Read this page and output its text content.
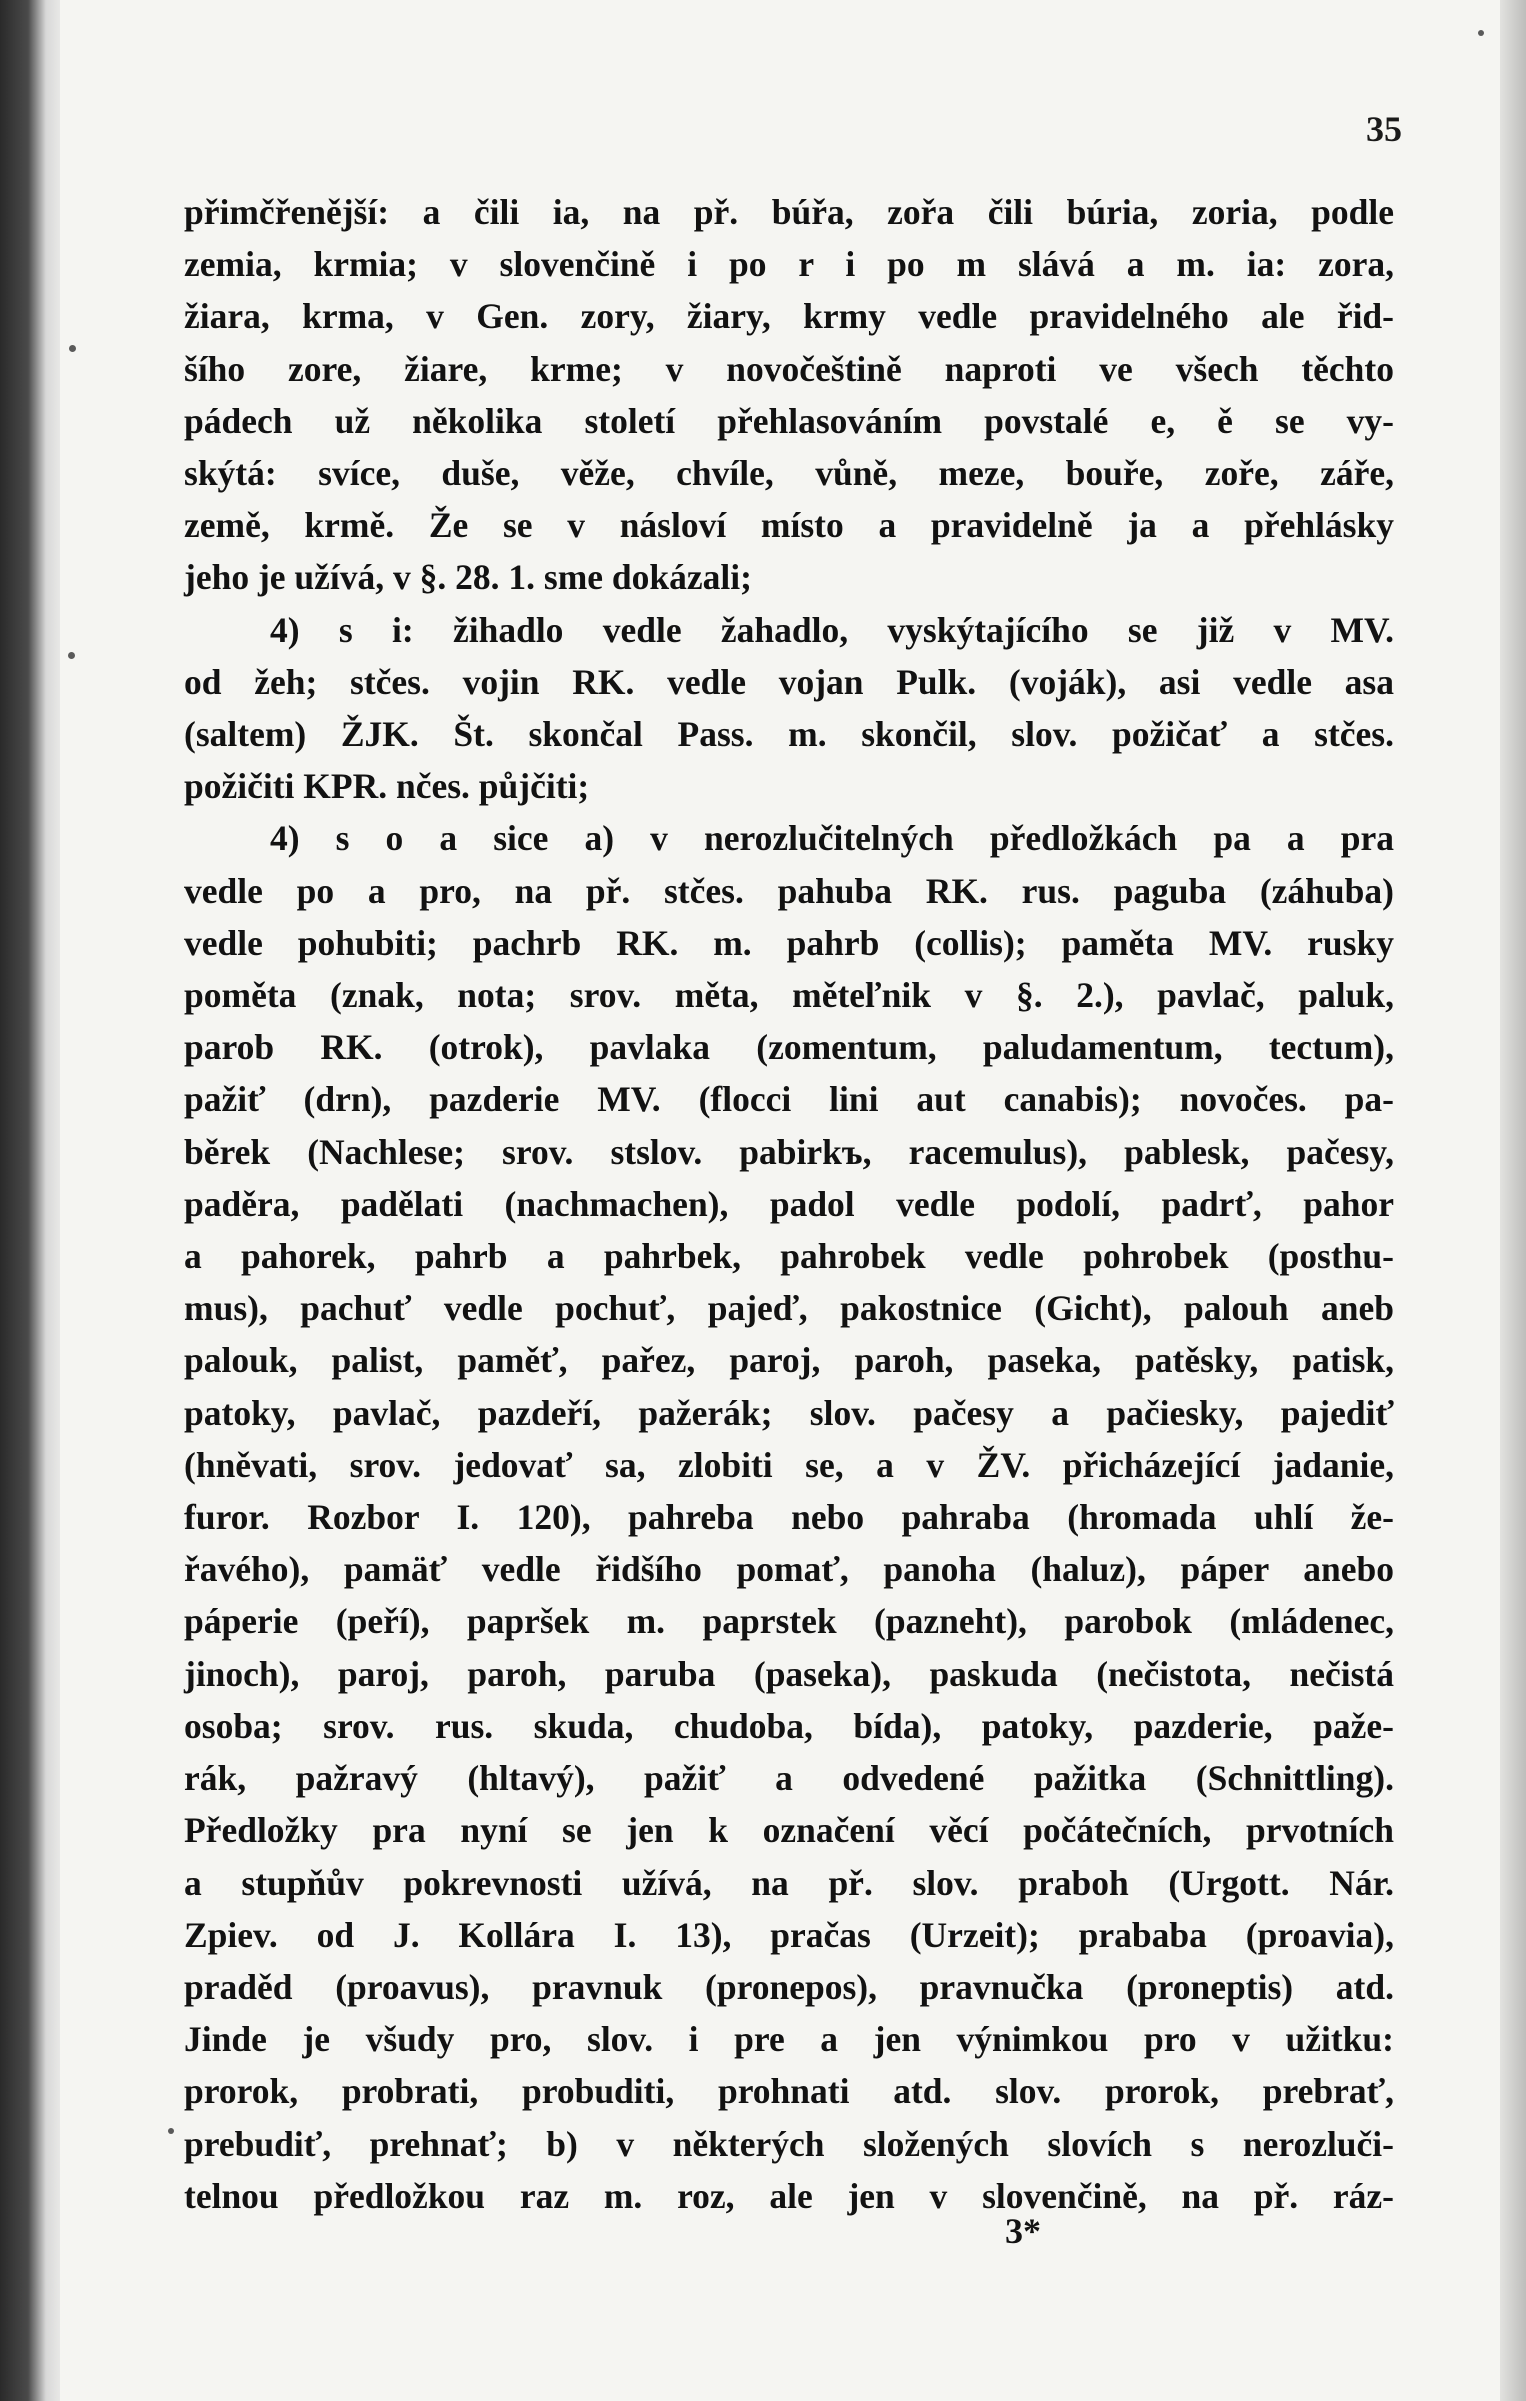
35
přimčřenější: a čili ia, na př. búřa, zořa čili búria, zoria, podle
zemia, krmia; v slovenčině i po r i po m slává a m. ia: zora,
žiara, krma, v Gen. zory, žiary, krmy vedle pravidelného ale řid-
šího zore, žiare, krme; v novočeštině naproti ve všech těchto
pádech už několika století přehlasováním povstalé e, ě se vy-
skýtá: svíce, duše, věže, chvíle, vůně, meze, bouře, zoře, záře,
země, krmě. Že se v násloví místo a pravidelně ja a přehlásky
jeho je užívá, v §. 28. 1. sme dokázali;
4) s i: žihadlo vedle žahadlo, vyskýtajícího se již v MV.
od žeh; stčes. vojin RK. vedle vojan Pulk. (voják), asi vedle asa
(saltem) ŽJK. Št. skončal Pass. m. skončil, slov. požičať a stčes.
požičiti KPR. nčes. půjčiti;
4) s o a sice a) v nerozlučitelných předložkách pa a pra
vedle po a pro, na př. stčes. pahuba RK. rus. paguba (záhuba)
vedle pohubiti; pachrb RK. m. pahrb (collis); paměta MV. rusky
poměta (znak, nota; srov. měta, měteľnik v §. 2.), pavlač, paluk,
parob RK. (otrok), pavlaka (zomentum, paludamentum, tectum),
pažiť (drn), pazderie MV. (flocci lini aut canabis); novočes. pa-
běrek (Nachlese; srov. stslov. pabirkъ, racemulus), pablesk, pačesy,
paděra, padělati (nachmachen), padol vedle podolí, padrť, pahor
a pahorek, pahrb a pahrbek, pahrobek vedle pohrobek (posthu-
mus), pachuť vedle pochuť, pajeď, pakostnice (Gicht), palouh aneb
palouk, palist, paměť, pařez, paroj, paroh, paseka, patěsky, patisk,
patoky, pavlač, pazdeří, pažerák; slov. pačesy a pačiesky, pajediť
(hněvati, srov. jedovať sa, zlobiti se, a v ŽV. přicházející jadanie,
furor. Rozbor I. 120), pahreba nebo pahraba (hromada uhlí že-
řavého), pamäť vedle řidšího pomať, panoha (haluz), páper anebo
páperie (peří), papršek m. paprstek (pazneht), parobok (mládenec,
jinoch), paroj, paroh, paruba (paseka), paskuda (nečistota, nečistá
osoba; srov. rus. skuda, chudoba, bída), patoky, pazderie, paže-
rák, pažravý (hltavý), pažiť a odvedené pažitka (Schnittling).
Předložky pra nyní se jen k označení věcí počátečních, prvotních
a stupňův pokrevnosti užívá, na př. slov. praboh (Urgott. Nár.
Zpiev. od J. Kollára I. 13), pračas (Urzeit); prababa (proavia),
praděd (proavus), pravnuk (pronepos), pravnučka (proneptis) atd.
Jinde je všudy pro, slov. i pre a jen výnimkou pro v užitku:
prorok, probrati, probuditi, prohnati atd. slov. prorok, prebrať,
prebudiť, prehnať; b) v některých složených slovích s nerozluči-
telnou předložkou raz m. roz, ale jen v slovenčině, na př. ráz-
3*
